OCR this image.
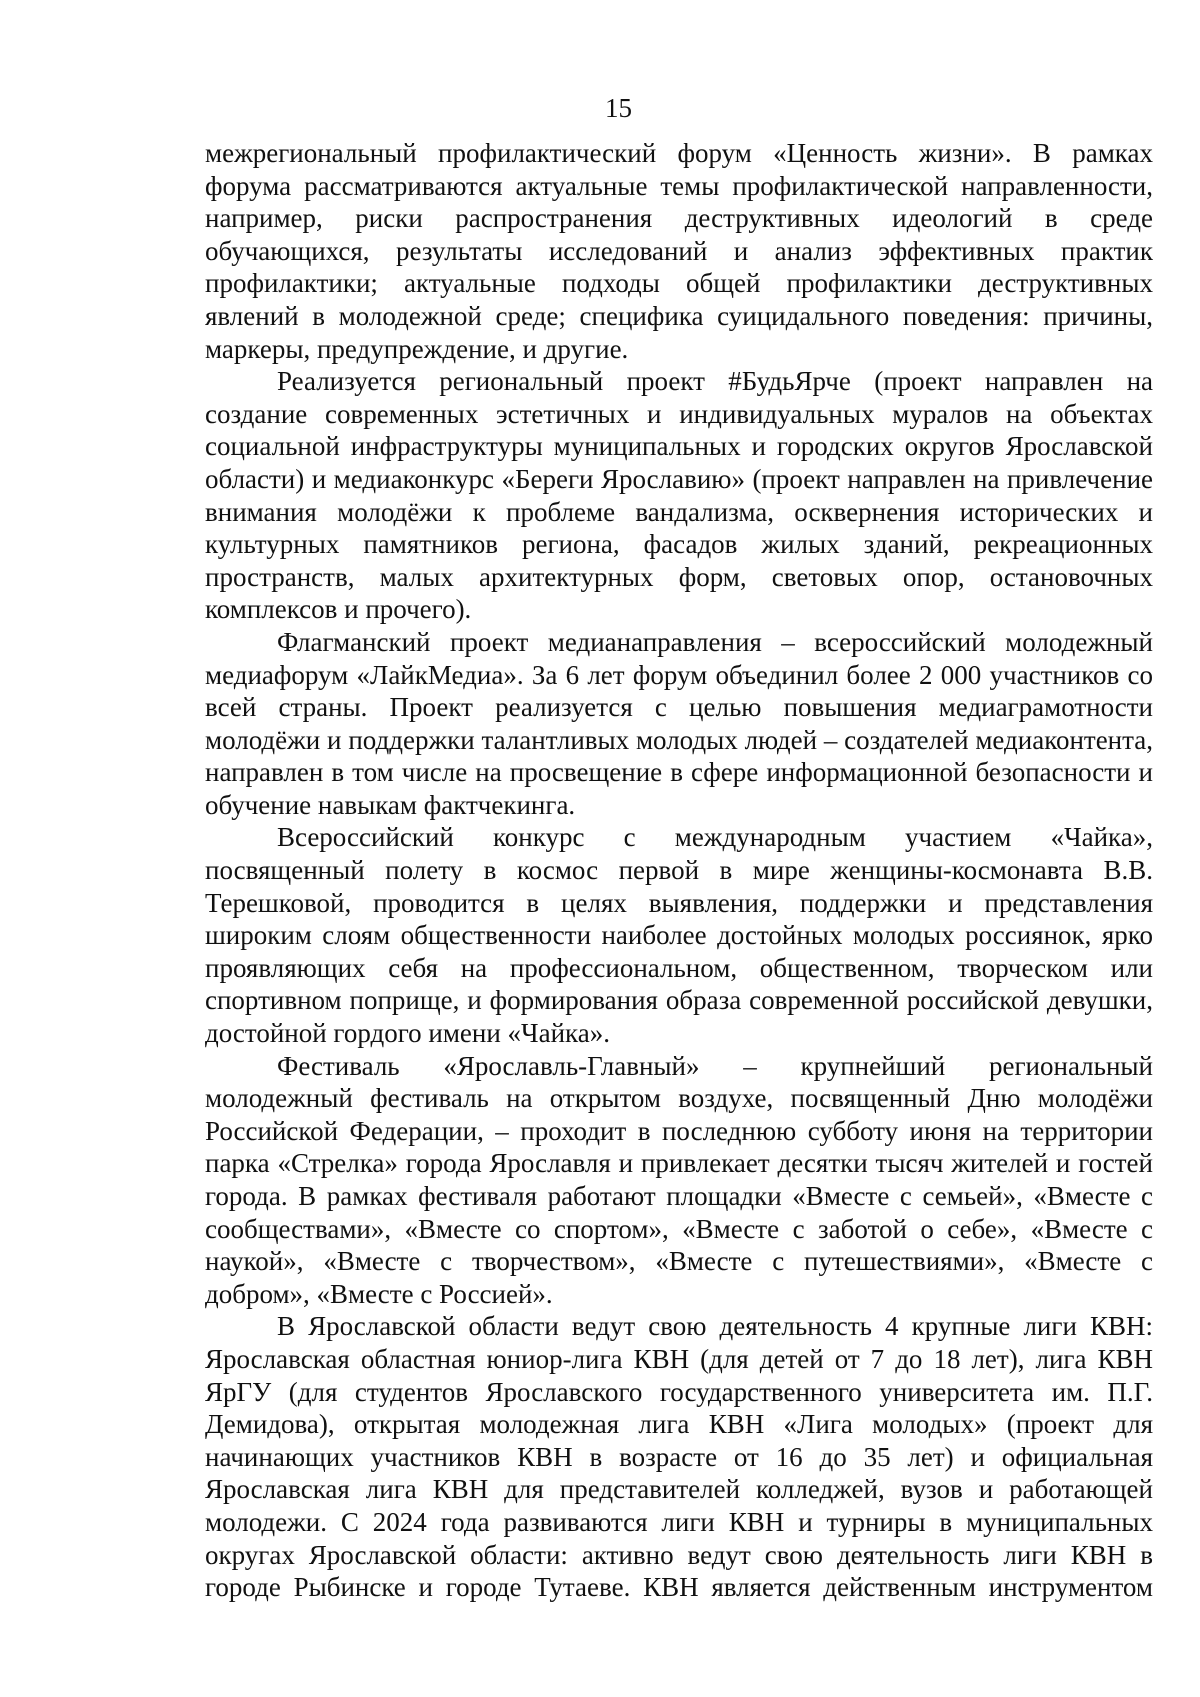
15

межрегиональный профилактический форум «Ценность жизни». В рамках форума рассматриваются актуальные темы профилактической направленности, например, риски распространения деструктивных идеологий в среде обучающихся, результаты исследований и анализ эффективных практик профилактики; актуальные подходы общей профилактики деструктивных явлений в молодежной среде; специфика суицидального поведения: причины, маркеры, предупреждение, и другие.

Реализуется региональный проект #БудьЯрче (проект направлен на создание современных эстетичных и индивидуальных муралов на объектах социальной инфраструктуры муниципальных и городских округов Ярославской области) и медиаконкурс «Береги Ярославию» (проект направлен на привлечение внимания молодёжи к проблеме вандализма, осквернения исторических и культурных памятников региона, фасадов жилых зданий, рекреационных пространств, малых архитектурных форм, световых опор, остановочных комплексов и прочего).

Флагманский проект медианаправления – всероссийский молодежный медиафорум «ЛайкМедиа». За 6 лет форум объединил более 2 000 участников со всей страны. Проект реализуется с целью повышения медиаграмотности молодёжи и поддержки талантливых молодых людей – создателей медиаконтента, направлен в том числе на просвещение в сфере информационной безопасности и обучение навыкам фактчекинга.

Всероссийский конкурс с международным участием «Чайка», посвященный полету в космос первой в мире женщины-космонавта В.В. Терешковой, проводится в целях выявления, поддержки и представления широким слоям общественности наиболее достойных молодых россиянок, ярко проявляющих себя на профессиональном, общественном, творческом или спортивном поприще, и формирования образа современной российской девушки, достойной гордого имени «Чайка».

Фестиваль «Ярославль-Главный» – крупнейший региональный молодежный фестиваль на открытом воздухе, посвященный Дню молодёжи Российской Федерации, – проходит в последнюю субботу июня на территории парка «Стрелка» города Ярославля и привлекает десятки тысяч жителей и гостей города. В рамках фестиваля работают площадки «Вместе с семьей», «Вместе с сообществами», «Вместе со спортом», «Вместе с заботой о себе», «Вместе с наукой», «Вместе с творчеством», «Вместе с путешествиями», «Вместе с добром», «Вместе с Россией».

В Ярославской области ведут свою деятельность 4 крупные лиги КВН: Ярославская областная юниор-лига КВН (для детей от 7 до 18 лет), лига КВН ЯрГУ (для студентов Ярославского государственного университета им. П.Г. Демидова), открытая молодежная лига КВН «Лига молодых» (проект для начинающих участников КВН в возрасте от 16 до 35 лет) и официальная Ярославская лига КВН для представителей колледжей, вузов и работающей молодежи. С 2024 года развиваются лиги КВН и турниры в муниципальных округах Ярославской области: активно ведут свою деятельность лиги КВН в городе Рыбинске и городе Тутаеве. КВН является действенным инструментом
